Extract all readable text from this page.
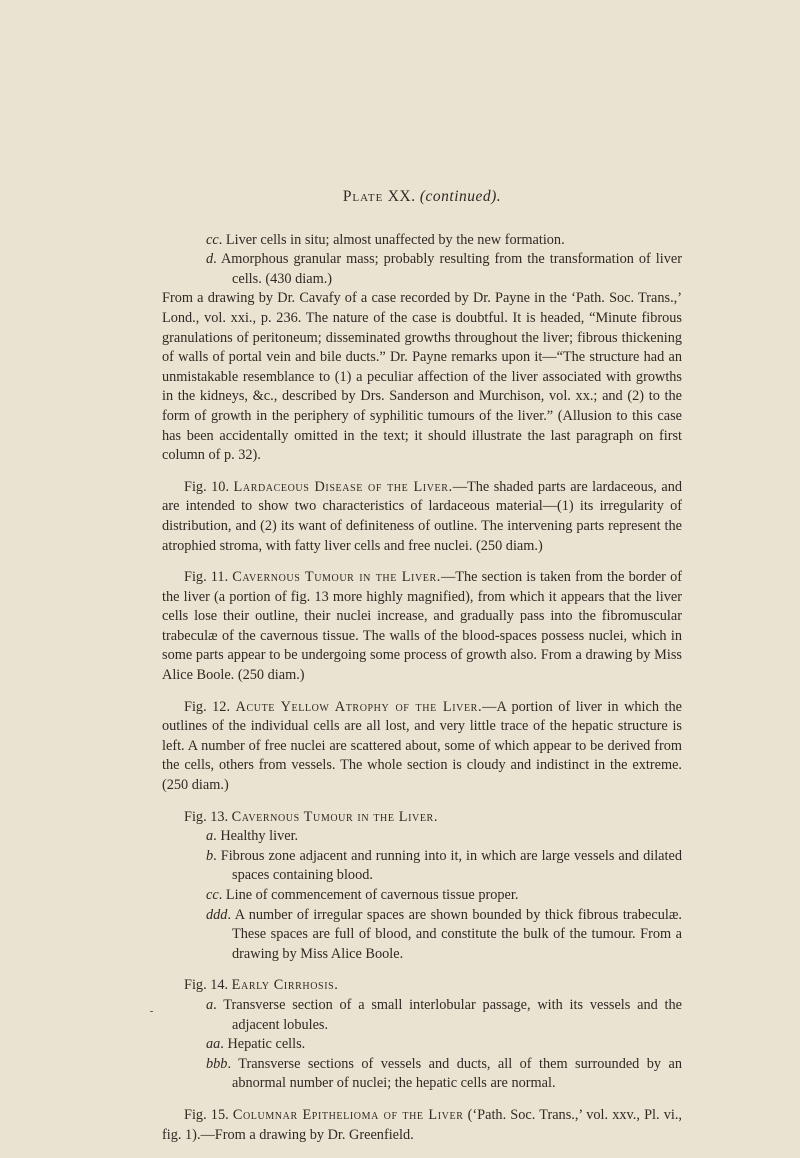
Plate XX. (continued).

cc . Liver cells in situ; almost unaffected by the new formation.

d . Amorphous granular mass; probably resulting from the transformation of liver cells. (430 diam.)

From a drawing by Dr. Cavafy of a case recorded by Dr. Payne in the ‘Path. Soc. Trans.,’ Lond., vol. xxi., p. 236. The nature of the case is doubtful. It is headed, “Minute fibrous granulations of peritoneum; disseminated growths throughout the liver; fibrous thickening of walls of portal vein and bile ducts.” Dr. Payne remarks upon it—“The structure had an unmistakable resemblance to (1) a peculiar affection of the liver associated with growths in the kidneys, &c., described by Drs. Sanderson and Murchison, vol. xx.; and (2) to the form of growth in the periphery of syphilitic tumours of the liver.” (Allusion to this case has been accidentally omitted in the text; it should illustrate the last paragraph on first column of p. 32).

Fig. 10. Lardaceous Disease of the Liver.—The shaded parts are lardaceous, and are intended to show two characteristics of lardaceous material—(1) its irregularity of distribution, and (2) its want of definiteness of outline. The intervening parts represent the atrophied stroma, with fatty liver cells and free nuclei. (250 diam.)

Fig. 11. Cavernous Tumour in the Liver.—The section is taken from the border of the liver (a portion of fig. 13 more highly magnified), from which it appears that the liver cells lose their outline, their nuclei increase, and gradually pass into the fibromuscular trabeculæ of the cavernous tissue. The walls of the blood-spaces possess nuclei, which in some parts appear to be undergoing some process of growth also. From a drawing by Miss Alice Boole. (250 diam.)

Fig. 12. Acute Yellow Atrophy of the Liver.—A portion of liver in which the outlines of the individual cells are all lost, and very little trace of the hepatic structure is left. A number of free nuclei are scattered about, some of which appear to be derived from the cells, others from vessels. The whole section is cloudy and indistinct in the extreme. (250 diam.)

Fig. 13. Cavernous Tumour in the Liver.

a . Healthy liver.

b . Fibrous zone adjacent and running into it, in which are large vessels and dilated spaces containing blood.

cc . Line of commencement of cavernous tissue proper.

ddd . A number of irregular spaces are shown bounded by thick fibrous trabeculæ. These spaces are full of blood, and constitute the bulk of the tumour. From a drawing by Miss Alice Boole.

Fig. 14. Early Cirrhosis.

a . Transverse section of a small interlobular passage, with its vessels and the adjacent lobules.

aa . Hepatic cells.

bbb . Transverse sections of vessels and ducts, all of them surrounded by an abnormal number of nuclei; the hepatic cells are normal.

Fig. 15. Columnar Epithelioma of the Liver (‘Path. Soc. Trans.,’ vol. xxv., Pl. vi., fig. 1).—From a drawing by Dr. Greenfield.
